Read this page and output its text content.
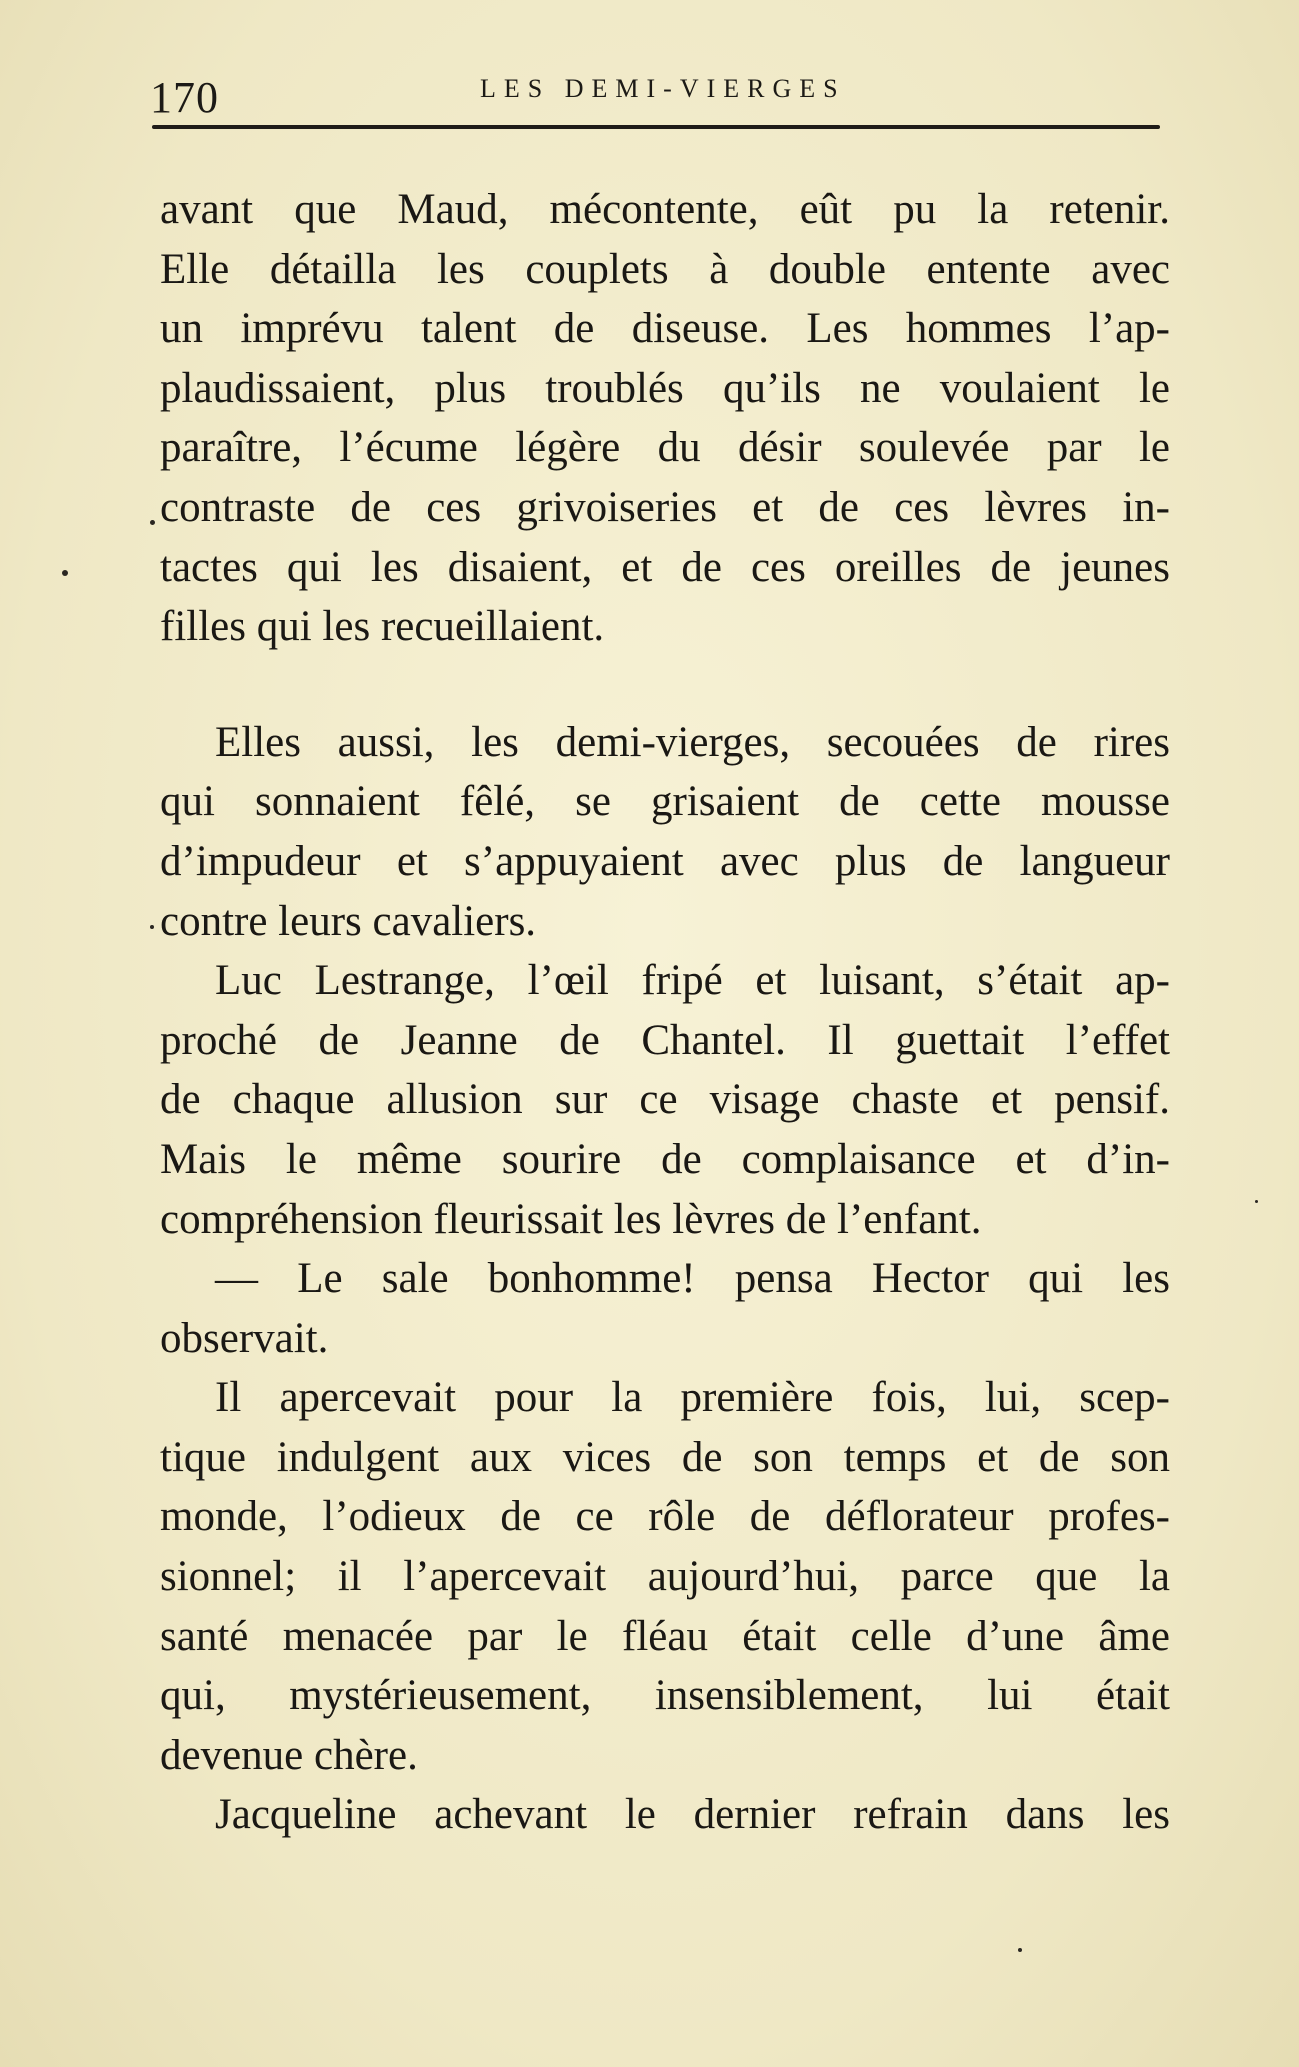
170	LES DEMI-VIERGES
avant que Maud, mécontente, eût pu la retenir.
Elle détailla les couplets à double entente avec
un imprévu talent de diseuse. Les hommes l’ap-
plaudissaient, plus troublés qu’ils ne voulaient le
paraître, l’écume légère du désir soulevée par le
contraste de ces grivoiseries et de ces lèvres in-
tactes qui les disaient, et de ces oreilles de jeunes
filles qui les recueillaient.
Elles aussi, les demi-vierges, secouées de rires
qui sonnaient fêlé, se grisaient de cette mousse
d’impudeur et s’appuyaient avec plus de langueur
contre leurs cavaliers.
Luc Lestrange, l’œil fripé et luisant, s’était ap-
proché de Jeanne de Chantel. Il guettait l’effet
de chaque allusion sur ce visage chaste et pensif.
Mais le même sourire de complaisance et d’in-
compréhension fleurissait les lèvres de l’enfant.
— Le sale bonhomme! pensa Hector qui les
observait.
Il apercevait pour la première fois, lui, scep-
tique indulgent aux vices de son temps et de son
monde, l’odieux de ce rôle de déflorateur profes-
sionnel; il l’apercevait aujourd’hui, parce que la
santé menacée par le fléau était celle d’une âme
qui, mystérieusement, insensiblement, lui était
devenue chère.
Jacqueline achevant le dernier refrain dans les
